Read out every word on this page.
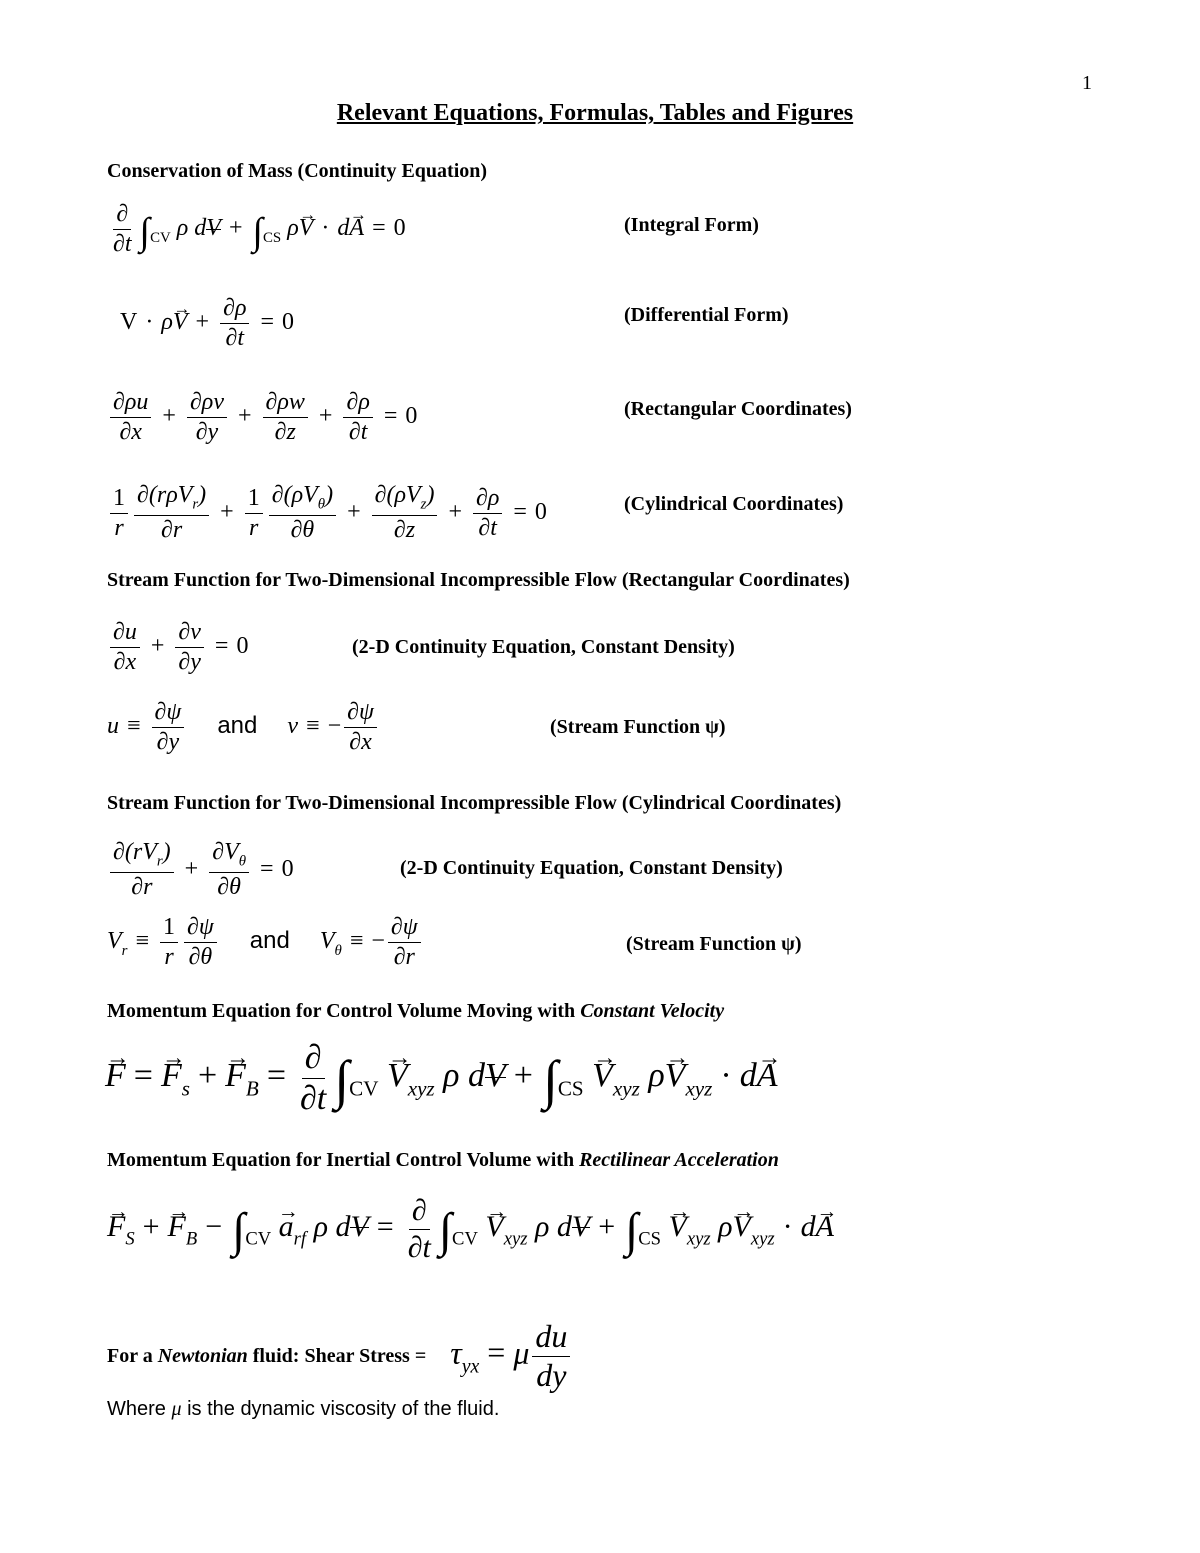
1
Relevant Equations, Formulas, Tables and Figures
Conservation of Mass (Continuity Equation)
$\frac{\partial}{\partial t} \int_{CV}$ ρ dV + $\int_{CS}$ ρ→ V · d→ A = 0	(Integral Form)
$V \cdot \rho\to V + \frac{\partial\rho}{\partial t} = 0$	(Differential Form)
$\frac{\partial\rho u}{\partial x} + \frac{\partial\rho v}{\partial y} + \frac{\partial\rho w}{\partial z} + \frac{\partial\rho}{\partial t} = 0$	(Rectangular Coordinates)
$\frac{1}{r} \frac{\partial(r\rho V_r)}{\partial r} + \frac{1}{r} \frac{\partial(\rho V_\theta)}{\partial\theta} + \frac{\partial(\rho V_z)}{\partial z} + \frac{\partial\rho}{\partial t} = 0$	(Cylindrical Coordinates)
Stream Function for Two-Dimensional Incompressible Flow (Rectangular Coordinates)
$\frac{\partial u}{\partial x} + \frac{\partial v}{\partial y} = 0$	(2-D Continuity Equation, Constant Density)
$u \equiv \frac{\partial\psi}{\partial y}$ and v ≡ − $\frac{\partial\psi}{\partial x}$	(Stream Function ψ)
Stream Function for Two-Dimensional Incompressible Flow (Cylindrical Coordinates)
$\frac{\partial(rV_r)}{\partial r} + \frac{\partial V_\theta}{\partial\theta} = 0$	(2-D Continuity Equation, Constant Density)
$V_r \equiv \frac{1}{r} \frac{\partial\psi}{\partial\theta}$ and $V_\theta$ ≡ − $\frac{\partial\psi}{\partial r}$	(Stream Function ψ)
Momentum Equation for Control Volume Moving with Constant Velocity
→ $F =\to F_s +\to F_B = \frac{\partial}{\partial t} \int_{CV} \to V_{xyz}$ ρ dV + $\int_{CS} \to V_{xyz}$ $\rho\to V_{xyz} \cdot d\to A$
Momentum Equation for Inertial Control Volume with Rectilinear Acceleration
→ $F_S +\to F_B - \int_{CV} \to a_{rf}$ ρ dV = $\frac{\partial}{\partial t} \int_{CV} \to V_{xyz}$ ρ dV + $\int_{CS} \to V_{xyz}$ $\rho\to V_{xyz} \cdot d\to A$
For a
Newtonian
fluid: Shear Stress = $\tau_{yx} = \mu \frac{du}{dy}$
Where μ is the dynamic viscosity of the fluid.
